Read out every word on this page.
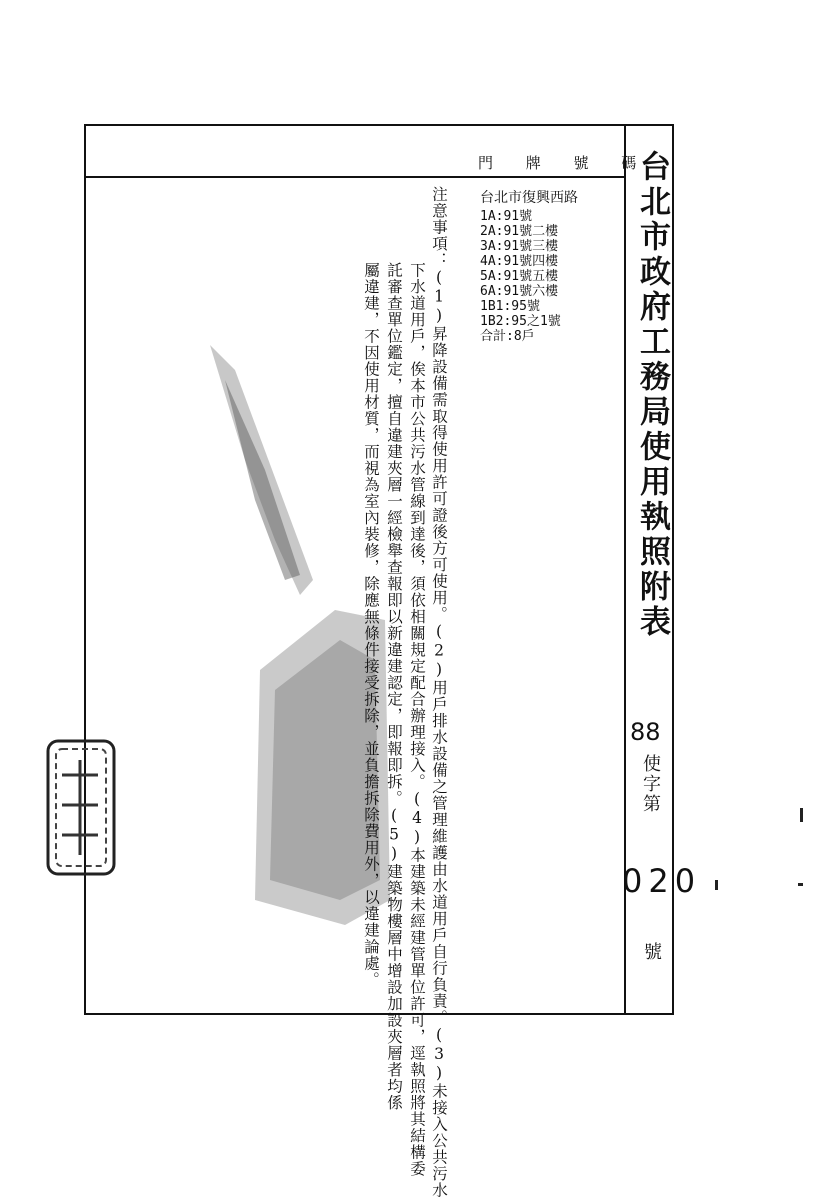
台北市政府工務局使用執照附表
88
使字第
020
號
門 牌 號 碼
台北市復興西路
1A:91號
2A:91號二樓
3A:91號三樓
4A:91號四樓
5A:91號五樓
6A:91號六樓
1B1:95號
1B2:95之1號
合計:8戶
注意事項：(1)昇降設備需取得使用許可證後方可使用。(2)用戶排水設備之管理維護由水道用戶自行負責。(3)未接入公共污水
下水道用戶，俟本市公共污水管線到達後，須依相關規定配合辦理接入。(4)本建築未經建管單位許可，逕執照將其結構委
託審查單位鑑定，擅自違建夾層一經檢舉查報即以新違建認定，即報即拆。(5)建築物樓層中增設加設夾層者均係
屬違建，不因使用材質，而視為室內裝修，除應無條件接受拆除，並負擔拆除費用外，以違建論處。
